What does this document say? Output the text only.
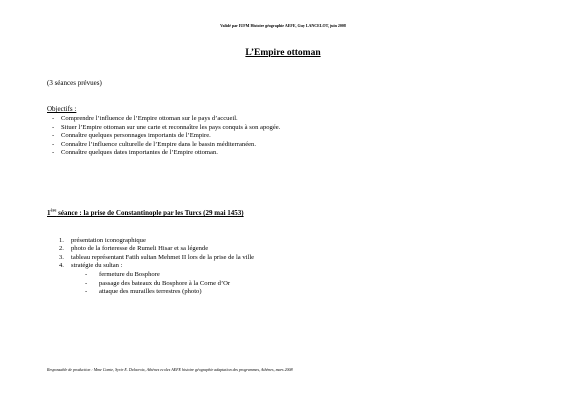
Validé par IUFM Histoire géographie AEFE, Guy LANCELOT, juin 2008
L’Empire ottoman
(3 séances prévues)
Objectifs :
- Comprendre l’influence de l’Empire ottoman sur le pays d’accueil.
- Situer l’Empire ottoman sur une carte et reconnaître les pays conquis à son apogée.
- Connaître quelques personnages importants de l’Empire.
- Connaître l’influence culturelle de l’Empire dans le bassin méditerranéen.
- Connaître quelques dates importantes de l’Empire ottoman.
1ère séance : la prise de Constantinople par les Turcs (29 mai 1453)
1. présentation iconographique
2. photo de la forteresse de Rumeli Hisar et sa légende
3. tableau représentant Fatih sultan Mehmet II lors de la prise de la ville
4. stratégie du sultan :
- fermeture du Bosphore
- passage des bateaux du Bosphore à la Corne d’Or
- attaque des murailles terrestres (photo)
Responsable de production : Mme Comte, Syrie E. Delacroix, Athènes ecoles AEFE histoire géographie adaptation des programmes, Athènes, mars 2008
